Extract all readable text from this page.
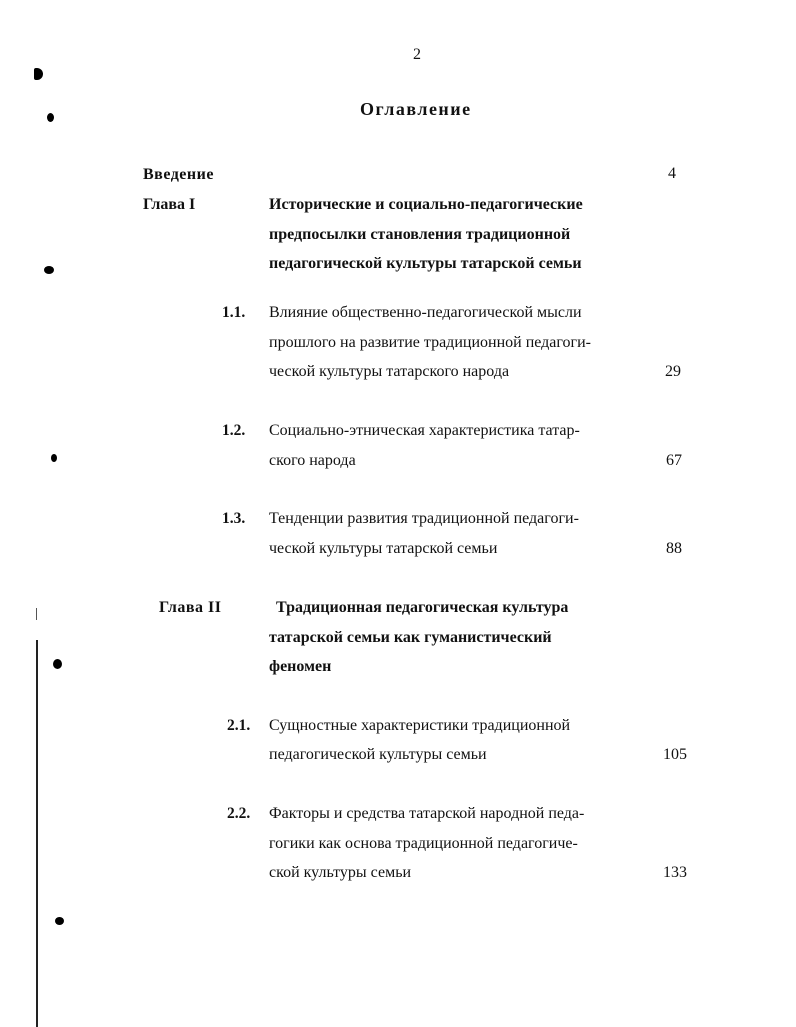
2
Оглавление
Введение	4
Глава I	Исторические и социально-педагогические
предпосылки становления традиционной
педагогической культуры татарской семьи
1.1. Влияние общественно-педагогической мысли
прошлого на развитие традиционной педагоги-
ческой культуры татарского народа	29
1.2. Социально-этническая характеристика татар-
ского народа	67
1.3. Тенденции развития традиционной педагоги-
ческой культуры татарской семьи	88
Глава II	Традиционная педагогическая культура
татарской семьи как гуманистический
феномен
2.1. Сущностные характеристики традиционной
педагогической культуры семьи	105
2.2. Факторы и средства татарской народной педа-
гогики как основа традиционной педагогиче-
ской культуры семьи	133
